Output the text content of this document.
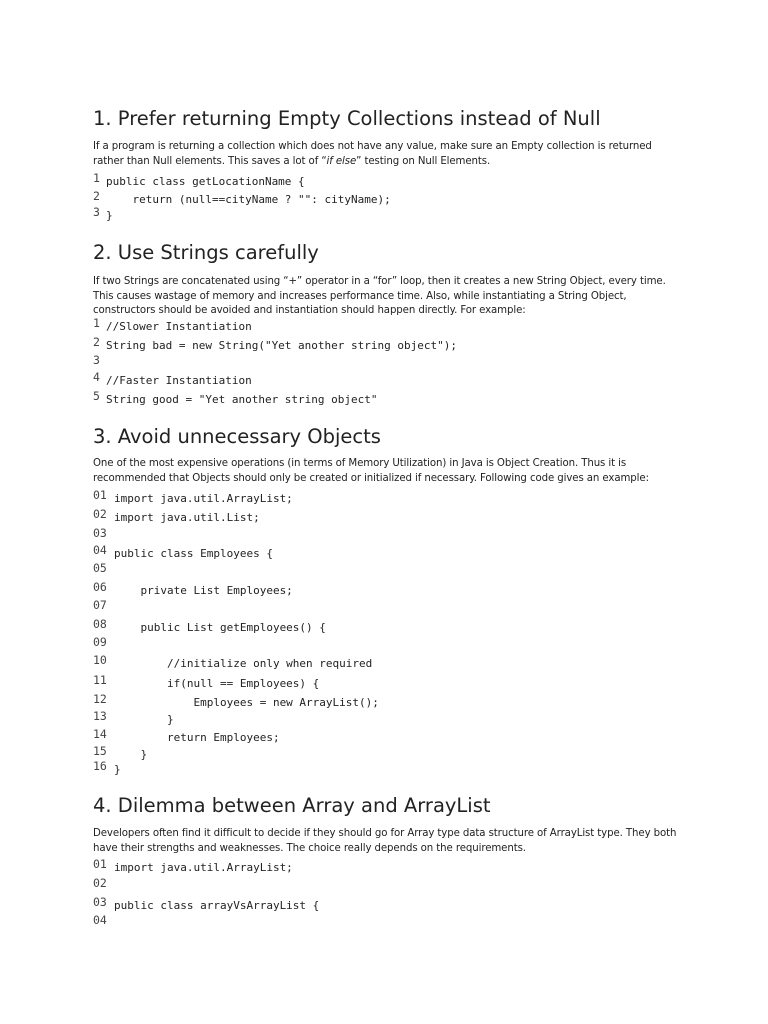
1. Prefer returning Empty Collections instead of Null

If a program is returning a collection which does not have any value, make sure an Empty collection is returned rather than Null elements. This saves a lot of “if else” testing on Null Elements.

1 public class getLocationName {
2 return (null==cityName ? "": cityName);
3 }
2. Use Strings carefully

If two Strings are concatenated using “+” operator in a “for” loop, then it creates a new String Object, every time. This causes wastage of memory and increases performance time. Also, while instantiating a String Object, constructors should be avoided and instantiation should happen directly. For example:

1 //Slower Instantiation
2 String bad = new String("Yet another string object");
3
4 //Faster Instantiation
5 String good = "Yet another string object"
3. Avoid unnecessary Objects

One of the most expensive operations (in terms of Memory Utilization) in Java is Object Creation. Thus it is recommended that Objects should only be created or initialized if necessary. Following code gives an example:

01 import java.util.ArrayList;
02 import java.util.List;
03
04 public class Employees {
05
06 private List Employees;
07
08 public List getEmployees() {
09
10 //initialize only when required
11 if(null == Employees) {
12 Employees = new ArrayList();
13 }
14 return Employees;
15 }
16 }
4. Dilemma between Array and ArrayList

Developers often find it difficult to decide if they should go for Array type data structure of ArrayList type. They both have their strengths and weaknesses. The choice really depends on the requirements.

01 import java.util.ArrayList;
02
03 public class arrayVsArrayList {
04
